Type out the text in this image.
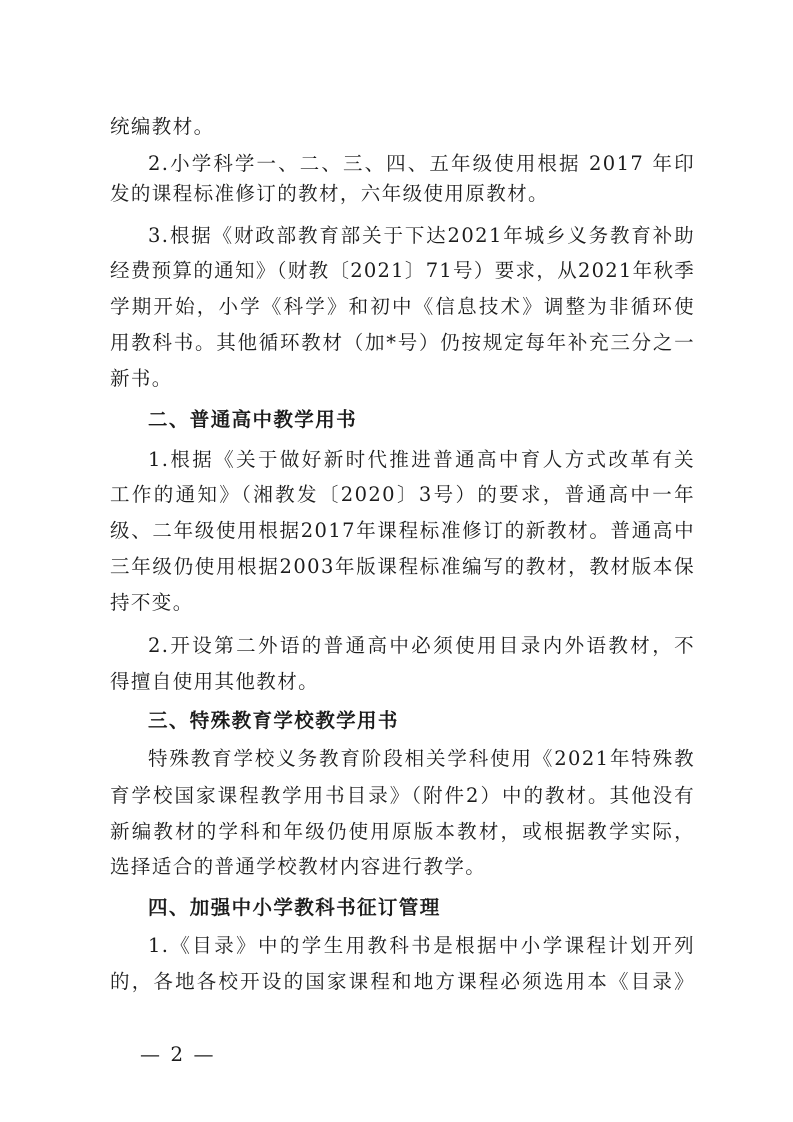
统编教材。
2.小学科学一、二、三、四、五年级使用根据 2017 年印
发的课程标准修订的教材，六年级使用原教材。
3.根据《财政部教育部关于下达2021年城乡义务教育补助
经费预算的通知》（财教〔2021〕71号）要求，从2021年秋季
学期开始，小学《科学》和初中《信息技术》调整为非循环使
用教科书。其他循环教材（加*号）仍按规定每年补充三分之一
新书。
二、普通高中教学用书
1.根据《关于做好新时代推进普通高中育人方式改革有关
工作的通知》（湘教发〔2020〕3号）的要求，普通高中一年
级、二年级使用根据2017年课程标准修订的新教材。普通高中
三年级仍使用根据2003年版课程标准编写的教材，教材版本保
持不变。
2.开设第二外语的普通高中必须使用目录内外语教材，不
得擅自使用其他教材。
三、特殊教育学校教学用书
特殊教育学校义务教育阶段相关学科使用《2021年特殊教
育学校国家课程教学用书目录》（附件2）中的教材。其他没有
新编教材的学科和年级仍使用原版本教材，或根据教学实际，
选择适合的普通学校教材内容进行教学。
四、加强中小学教科书征订管理
1.《目录》中的学生用教科书是根据中小学课程计划开列
的，各地各校开设的国家课程和地方课程必须选用本《目录》
— 2 —
